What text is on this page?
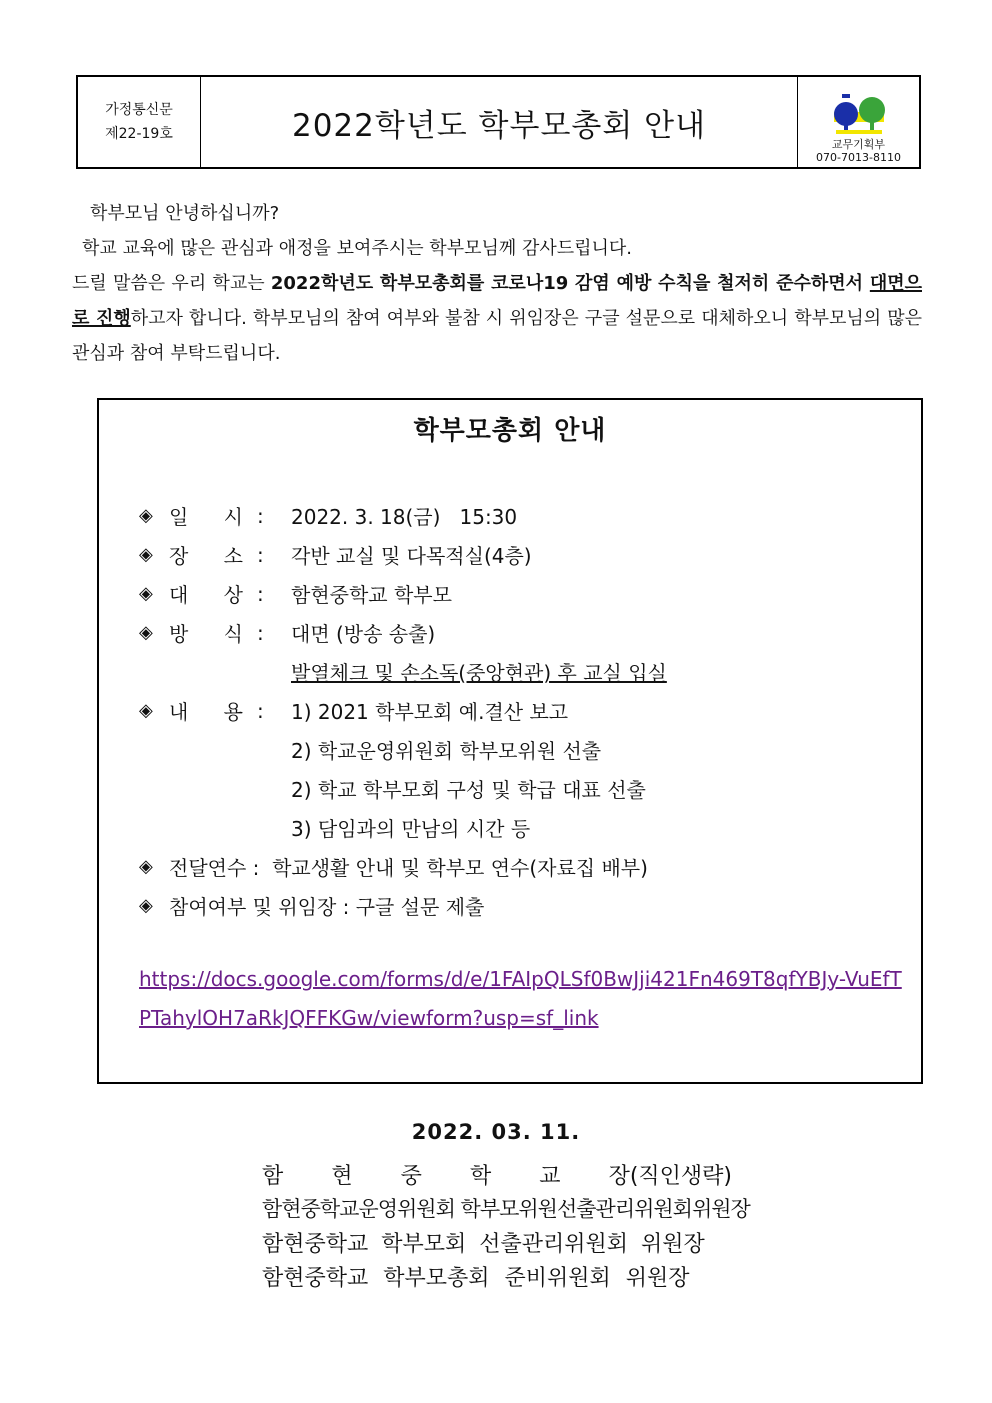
가정통신문
제22-19호	2022학년도 학부모총회 안내
교무기획부
070-7013-8110

학부모님 안녕하십니까?

학교 교육에 많은 관심과 애정을 보여주시는 학부모님께 감사드립니다.

드릴 말씀은 우리 학교는 2022학년도 학부모총회를 코로나19 감염 예방 수칙을 철저히 준수하면서 대면으로 진행하고자 합니다. 학부모님의 참여 여부와 불참 시 위임장은 구글 설문으로 대체하오니 학부모님의 많은 관심과 참여 부탁드립니다.

학부모총회 안내
◈ 일 시 :	2022. 3. 18(금)   15:30
◈ 장 소 :	각반 교실 및 다목적실(4층)
◈ 대 상 :	함현중학교 학부모
◈ 방 식 :	대면 (방송 송출)
발열체크 및 손소독(중앙현관) 후 교실 입실
◈ 내 용 :	1) 2021 학부모회 예.결산 보고
2) 학교운영위원회 학부모위원 선출
2) 학교 학부모회 구성 및 학급 대표 선출
3) 담임과의 만남의 시간 등
◈ 전달연수 :  학교생활 안내 및 학부모 연수(자료집 배부)
◈ 참여여부 및 위임장 : 구글 설문 제출
https://docs.google.com/forms/d/e/1FAIpQLSf0BwJji421Fn469T8qfYBJy-VuEfT
PTahylOH7aRkJQFFKGw/viewform?usp=sf_link
2022. 03. 11.
함 현 중 학 교 장(직인생략)
함현중학교운영위원회 학부모위원선출관리위원회위원장
함현중학교 학부모회 선출관리위원회 위원장
함현중학교 학부모총회 준비위원회 위원장
